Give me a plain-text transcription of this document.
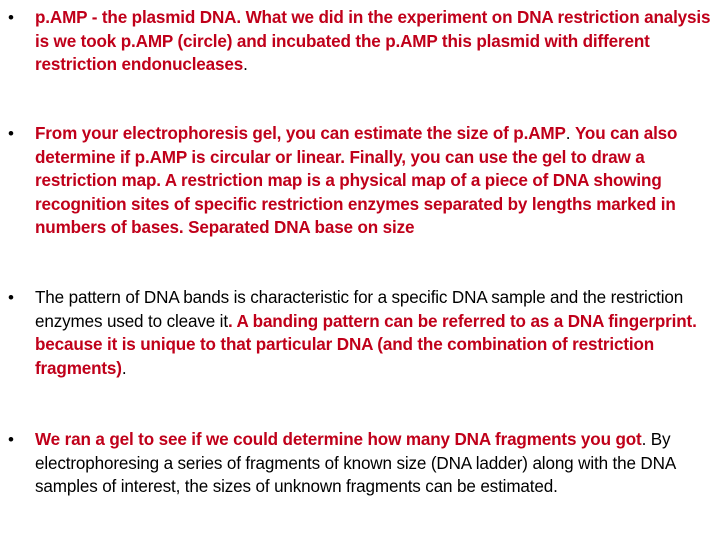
• p.AMP - the plasmid DNA. What we did in the experiment on DNA restriction analysis is we took p.AMP (circle) and incubated the p.AMP this plasmid with different restriction endonucleases.
• From your electrophoresis gel, you can estimate the size of p.AMP. You can also determine if p.AMP is circular or linear. Finally, you can use the gel to draw a restriction map. A restriction map is a physical map of a piece of DNA showing recognition sites of specific restriction enzymes separated by lengths marked in numbers of bases. Separated DNA base on size
• The pattern of DNA bands is characteristic for a specific DNA sample and the restriction enzymes used to cleave it. A banding pattern can be referred to as a DNA fingerprint. because it is unique to that particular DNA (and the combination of restriction fragments).
• We ran a gel to see if we could determine how many DNA fragments you got. By electrophoresing a series of fragments of known size (DNA ladder) along with the DNA samples of interest, the sizes of unknown fragments can be estimated.
